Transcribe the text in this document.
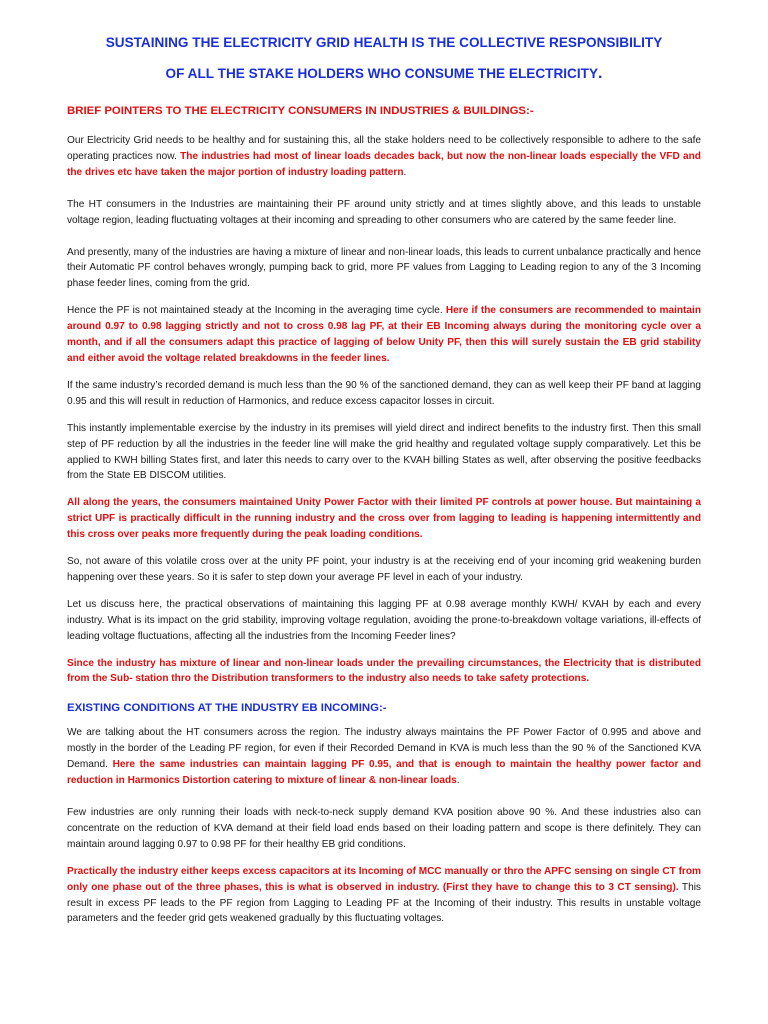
SUSTAINING THE ELECTRICITY GRID HEALTH IS THE COLLECTIVE RESPONSIBILITY
OF ALL THE STAKE HOLDERS WHO CONSUME THE ELECTRICITY.
BRIEF POINTERS TO THE ELECTRICITY CONSUMERS IN INDUSTRIES & BUILDINGS:-

Our Electricity Grid needs to be healthy and for sustaining this, all the stake holders need to be collectively responsible to adhere to the safe operating practices now. The industries had most of linear loads decades back, but now the non-linear loads especially the VFD and the drives etc have taken the major portion of industry loading pattern.

The HT consumers in the Industries are maintaining their PF around unity strictly and at times slightly above, and this leads to unstable voltage region, leading fluctuating voltages at their incoming and spreading to other consumers who are catered by the same feeder line.

And presently, many of the industries are having a mixture of linear and non-linear loads, this leads to current unbalance practically and hence their Automatic PF control behaves wrongly, pumping back to grid, more PF values from Lagging to Leading region to any of the 3 Incoming phase feeder lines, coming from the grid.

Hence the PF is not maintained steady at the Incoming in the averaging time cycle. Here if the consumers are recommended to maintain around 0.97 to 0.98 lagging strictly and not to cross 0.98 lag PF, at their EB Incoming always during the monitoring cycle over a month, and if all the consumers adapt this practice of lagging of below Unity PF, then this will surely sustain the EB grid stability and either avoid the voltage related breakdowns in the feeder lines.

If the same industry’s recorded demand is much less than the 90 % of the sanctioned demand, they can as well keep their PF band at lagging 0.95 and this will result in reduction of Harmonics, and reduce excess capacitor losses in circuit.

This instantly implementable exercise by the industry in its premises will yield direct and indirect benefits to the industry first. Then this small step of PF reduction by all the industries in the feeder line will make the grid healthy and regulated voltage supply comparatively. Let this be applied to KWH billing States first, and later this needs to carry over to the KVAH billing States as well, after observing the positive feedbacks from the State EB DISCOM utilities.

All along the years, the consumers maintained Unity Power Factor with their limited PF controls at power house. But maintaining a strict UPF is practically difficult in the running industry and the cross over from lagging to leading is happening intermittently and this cross over peaks more frequently during the peak loading conditions.

So, not aware of this volatile cross over at the unity PF point, your industry is at the receiving end of your incoming grid weakening burden happening over these years. So it is safer to step down your average PF level in each of your industry.

Let us discuss here, the practical observations of maintaining this lagging PF at 0.98 average monthly KWH/ KVAH by each and every industry. What is its impact on the grid stability, improving voltage regulation, avoiding the prone-to-breakdown voltage variations, ill-effects of leading voltage fluctuations, affecting all the industries from the Incoming Feeder lines?

Since the industry has mixture of linear and non-linear loads under the prevailing circumstances, the Electricity that is distributed from the Sub- station thro the Distribution transformers to the industry also needs to take safety protections.

EXISTING CONDITIONS AT THE INDUSTRY EB INCOMING:-

We are talking about the HT consumers across the region. The industry always maintains the PF Power Factor of 0.995 and above and mostly in the border of the Leading PF region, for even if their Recorded Demand in KVA is much less than the 90 % of the Sanctioned KVA Demand. Here the same industries can maintain lagging PF 0.95, and that is enough to maintain the healthy power factor and reduction in Harmonics Distortion catering to mixture of linear & non-linear loads.

Few industries are only running their loads with neck-to-neck supply demand KVA position above 90 %. And these industries also can concentrate on the reduction of KVA demand at their field load ends based on their loading pattern and scope is there definitely. They can maintain around lagging 0.97 to 0.98 PF for their healthy EB grid conditions.

Practically the industry either keeps excess capacitors at its Incoming of MCC manually or thro the APFC sensing on single CT from only one phase out of the three phases, this is what is observed in industry. (First they have to change this to 3 CT sensing). This result in excess PF leads to the PF region from Lagging to Leading PF at the Incoming of their industry. This results in unstable voltage parameters and the feeder grid gets weakened gradually by this fluctuating voltages.
